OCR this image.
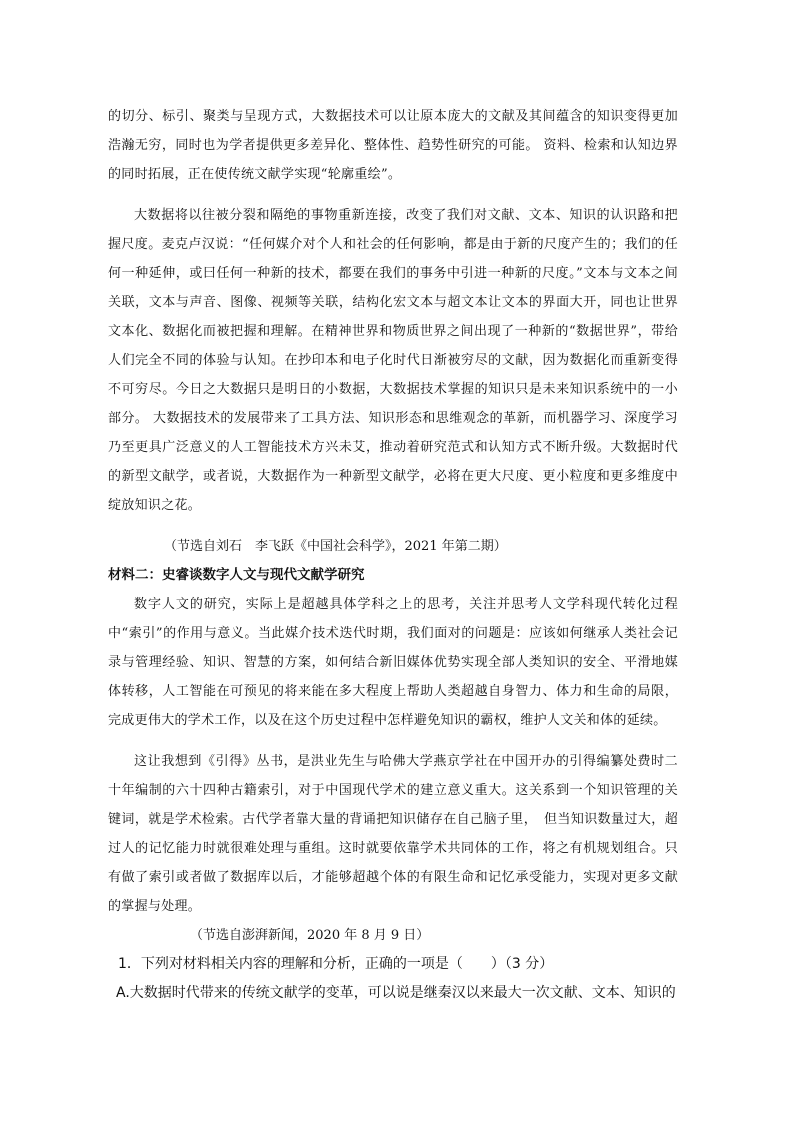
的切分、标引、聚类与呈现方式，大数据技术可以让原本庞大的文献及其间蕴含的知识变得更加浩瀚无穷，同时也为学者提供更多差异化、整体性、趋势性研究的可能。 资料、检索和认知边界的同时拓展，正在使传统文献学实现“轮廓重绘”。

大数据将以往被分裂和隔绝的事物重新连接，改变了我们对文献、文本、知识的认识路和把握尺度。麦克卢汉说：“任何媒介对个人和社会的任何影响，都是由于新的尺度产生的；我们的任何一种延伸，或曰任何一种新的技术，都要在我们的事务中引进一种新的尺度。”文本与文本之间关联，文本与声音、图像、视频等关联，结构化宏文本与超文本让文本的界面大开，同也让世界文本化、数据化而被把握和理解。在精神世界和物质世界之间出现了一种新的“数据世界”，带给人们完全不同的体验与认知。在抄印本和电子化时代日渐被穷尽的文献，因为数据化而重新变得不可穷尽。今日之大数据只是明日的小数据，大数据技术掌握的知识只是未来知识系统中的一小部分。 大数据技术的发展带来了工具方法、知识形态和思维观念的革新，而机器学习、深度学习乃至更具广泛意义的人工智能技术方兴未艾，推动着研究范式和认知方式不断升级。大数据时代的新型文献学，或者说，大数据作为一种新型文献学，必将在更大尺度、更小粒度和更多维度中绽放知识之花。

（节选自刘石　李飞跃《中国社会科学》，2021 年第二期）

材料二：史睿谈数字人文与现代文献学研究

数字人文的研究，实际上是超越具体学科之上的思考，关注并思考人文学科现代转化过程中“索引”的作用与意义。当此媒介技术迭代时期，我们面对的问题是：应该如何继承人类社会记录与管理经验、知识、智慧的方案，如何结合新旧媒体优势实现全部人类知识的安全、平滑地媒体转移，人工智能在可预见的将来能在多大程度上帮助人类超越自身智力、体力和生命的局限，完成更伟大的学术工作，以及在这个历史过程中怎样避免知识的霸权，维护人文关和体的延续。

这让我想到《引得》丛书，是洪业先生与哈佛大学燕京学社在中国开办的引得编纂处费时二十年编制的六十四种古籍索引，对于中国现代学术的建立意义重大。这关系到一个知识管理的关键词，就是学术检索。古代学者靠大量的背诵把知识储存在自己脑子里，　但当知识数量过大，超过人的记忆能力时就很难处理与重组。这时就要依靠学术共同体的工作，将之有机规划组合。只有做了索引或者做了数据库以后，才能够超越个体的有限生命和记忆承受能力，实现对更多文献的掌握与处理。

（节选自澎湃新闻，2020 年 8 月 9 日）

1．下列对材料相关内容的理解和分析，正确的一项是（　　）（3 分）

A.大数据时代带来的传统文献学的变革，可以说是继秦汉以来最大一次文献、文本、知识的
